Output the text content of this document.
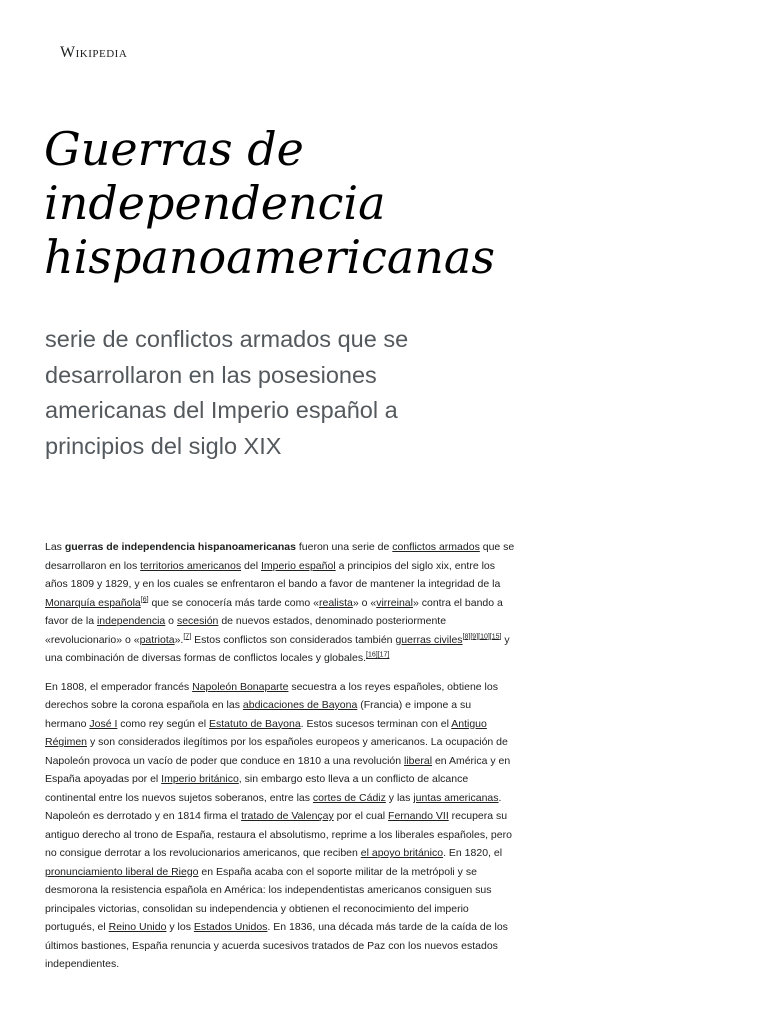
Wikipedia
Guerras de
independencia
hispanoamericanas

serie de conflictos armados que se desarrollaron en las posesiones americanas del Imperio español a principios del siglo XIX

Las guerras de independencia hispanoamericanas fueron una serie de conflictos armados que se desarrollaron en los territorios americanos del Imperio español a principios del siglo xix, entre los años 1809 y 1829, y en los cuales se enfrentaron el bando a favor de mantener la integridad de la Monarquía española[6] que se conocería más tarde como «realista» o «virreinal» contra el bando a favor de la independencia o secesión de nuevos estados, denominado posteriormente «revolucionario» o «patriota».[7] Estos conflictos son considerados también guerras civiles[8][9][10][15] y una combinación de diversas formas de conflictos locales y globales.[16][17]

En 1808, el emperador francés Napoleón Bonaparte secuestra a los reyes españoles, obtiene los derechos sobre la corona española en las abdicaciones de Bayona (Francia) e impone a su hermano José I como rey según el Estatuto de Bayona. Estos sucesos terminan con el Antiguo Régimen y son considerados ilegítimos por los españoles europeos y americanos. La ocupación de Napoleón provoca un vacío de poder que conduce en 1810 a una revolución liberal en América y en España apoyadas por el Imperio británico, sin embargo esto lleva a un conflicto de alcance continental entre los nuevos sujetos soberanos, entre las cortes de Cádiz y las juntas americanas. Napoleón es derrotado y en 1814 firma el tratado de Valençay por el cual Fernando VII recupera su antiguo derecho al trono de España, restaura el absolutismo, reprime a los liberales españoles, pero no consigue derrotar a los revolucionarios americanos, que reciben el apoyo británico. En 1820, el pronunciamiento liberal de Riego en España acaba con el soporte militar de la metrópoli y se desmorona la resistencia española en América: los independentistas americanos consiguen sus principales victorias, consolidan su independencia y obtienen el reconocimiento del imperio portugués, el Reino Unido y los Estados Unidos. En 1836, una década más tarde de la caída de los últimos bastiones, España renuncia y acuerda sucesivos tratados de Paz con los nuevos estados independientes.
